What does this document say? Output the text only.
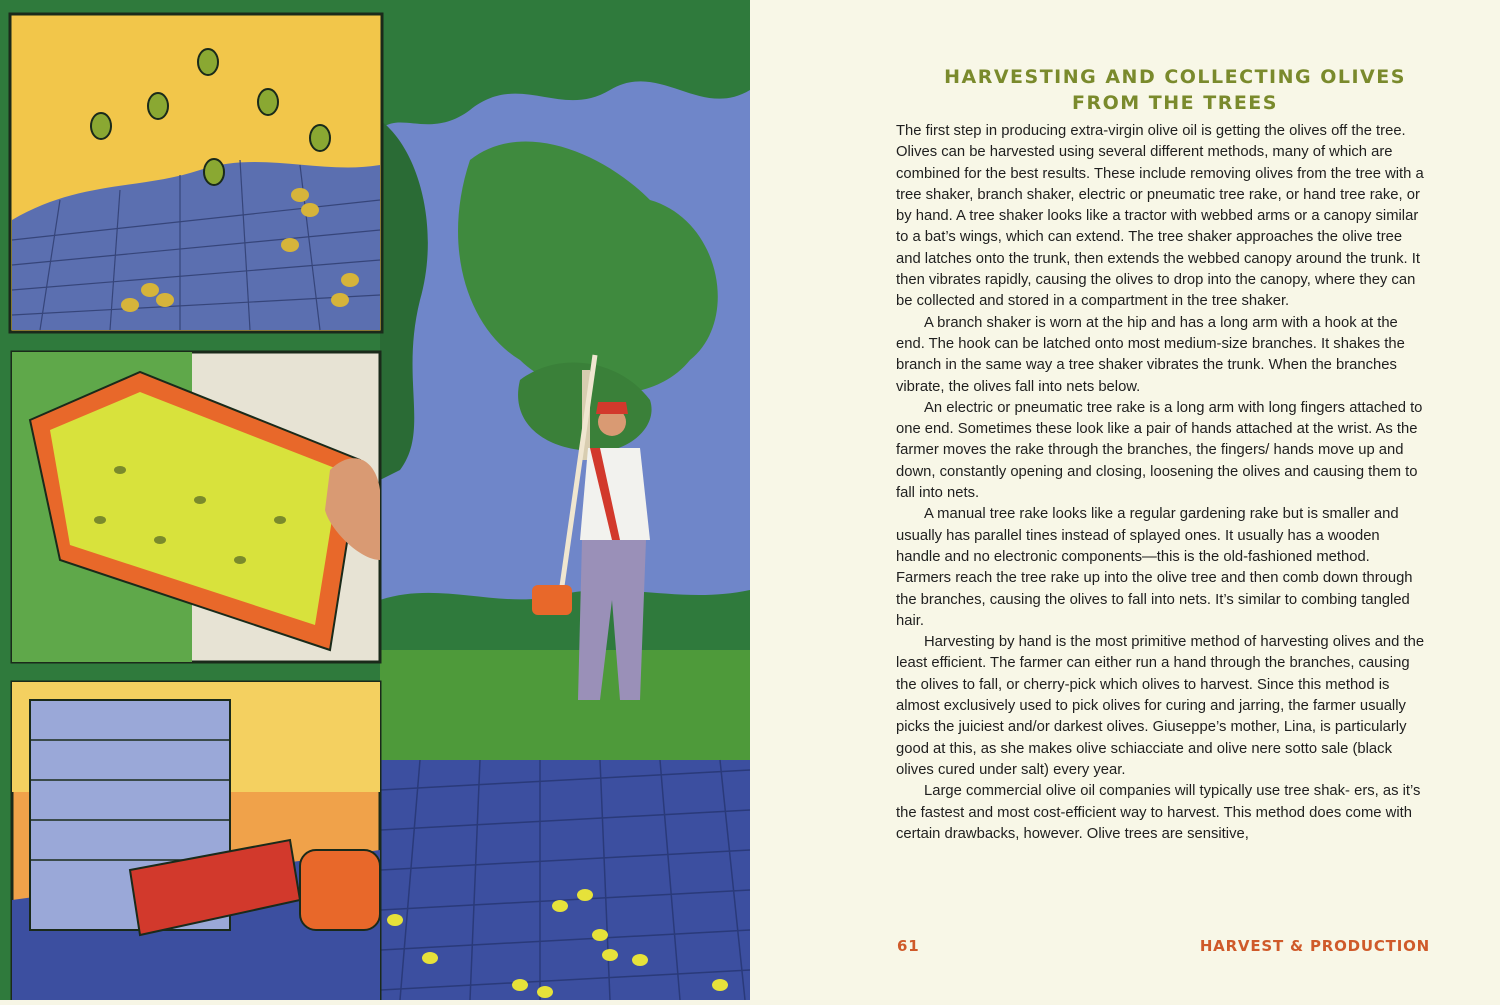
HARVESTING AND COLLECTING OLIVES
FROM THE TREES

The first step in producing extra-virgin olive oil is getting the olives off the tree. Olives can be harvested using several different methods, many of which are combined for the best results. These include removing olives from the tree with a tree shaker, branch shaker, electric or pneumatic tree rake, or hand tree rake, or by hand. A tree shaker looks like a tractor with webbed arms or a canopy similar to a bat’s wings, which can extend. The tree shaker approaches the olive tree and latches onto the trunk, then extends the webbed canopy around the trunk. It then vibrates rapidly, causing the olives to drop into the canopy, where they can be collected and stored in a compartment in the tree shaker.

A branch shaker is worn at the hip and has a long arm with a hook at the end. The hook can be latched onto most medium-size branches. It shakes the branch in the same way a tree shaker vibrates the trunk. When the branches vibrate, the olives fall into nets below.

An electric or pneumatic tree rake is a long arm with long fingers attached to one end. Sometimes these look like a pair of hands attached at the wrist. As the farmer moves the rake through the branches, the fingers/ hands move up and down, constantly opening and closing, loosening the olives and causing them to fall into nets.

A manual tree rake looks like a regular gardening rake but is smaller and usually has parallel tines instead of splayed ones. It usually has a wooden handle and no electronic components—this is the old-fashioned method. Farmers reach the tree rake up into the olive tree and then comb down through the branches, causing the olives to fall into nets. It’s similar to combing tangled hair.

Harvesting by hand is the most primitive method of harvesting olives and the least efficient. The farmer can either run a hand through the branches, causing the olives to fall, or cherry-pick which olives to harvest. Since this method is almost exclusively used to pick olives for curing and jarring, the farmer usually picks the juiciest and/or darkest olives. Giuseppe’s mother, Lina, is particularly good at this, as she makes olive schiacciate and olive nere sotto sale (black olives cured under salt) every year.

Large commercial olive oil companies will typically use tree shak- ers, as it’s the fastest and most cost-efficient way to harvest. This method does come with certain drawbacks, however. Olive trees are sensitive,

61	HARVEST & PRODUCTION
